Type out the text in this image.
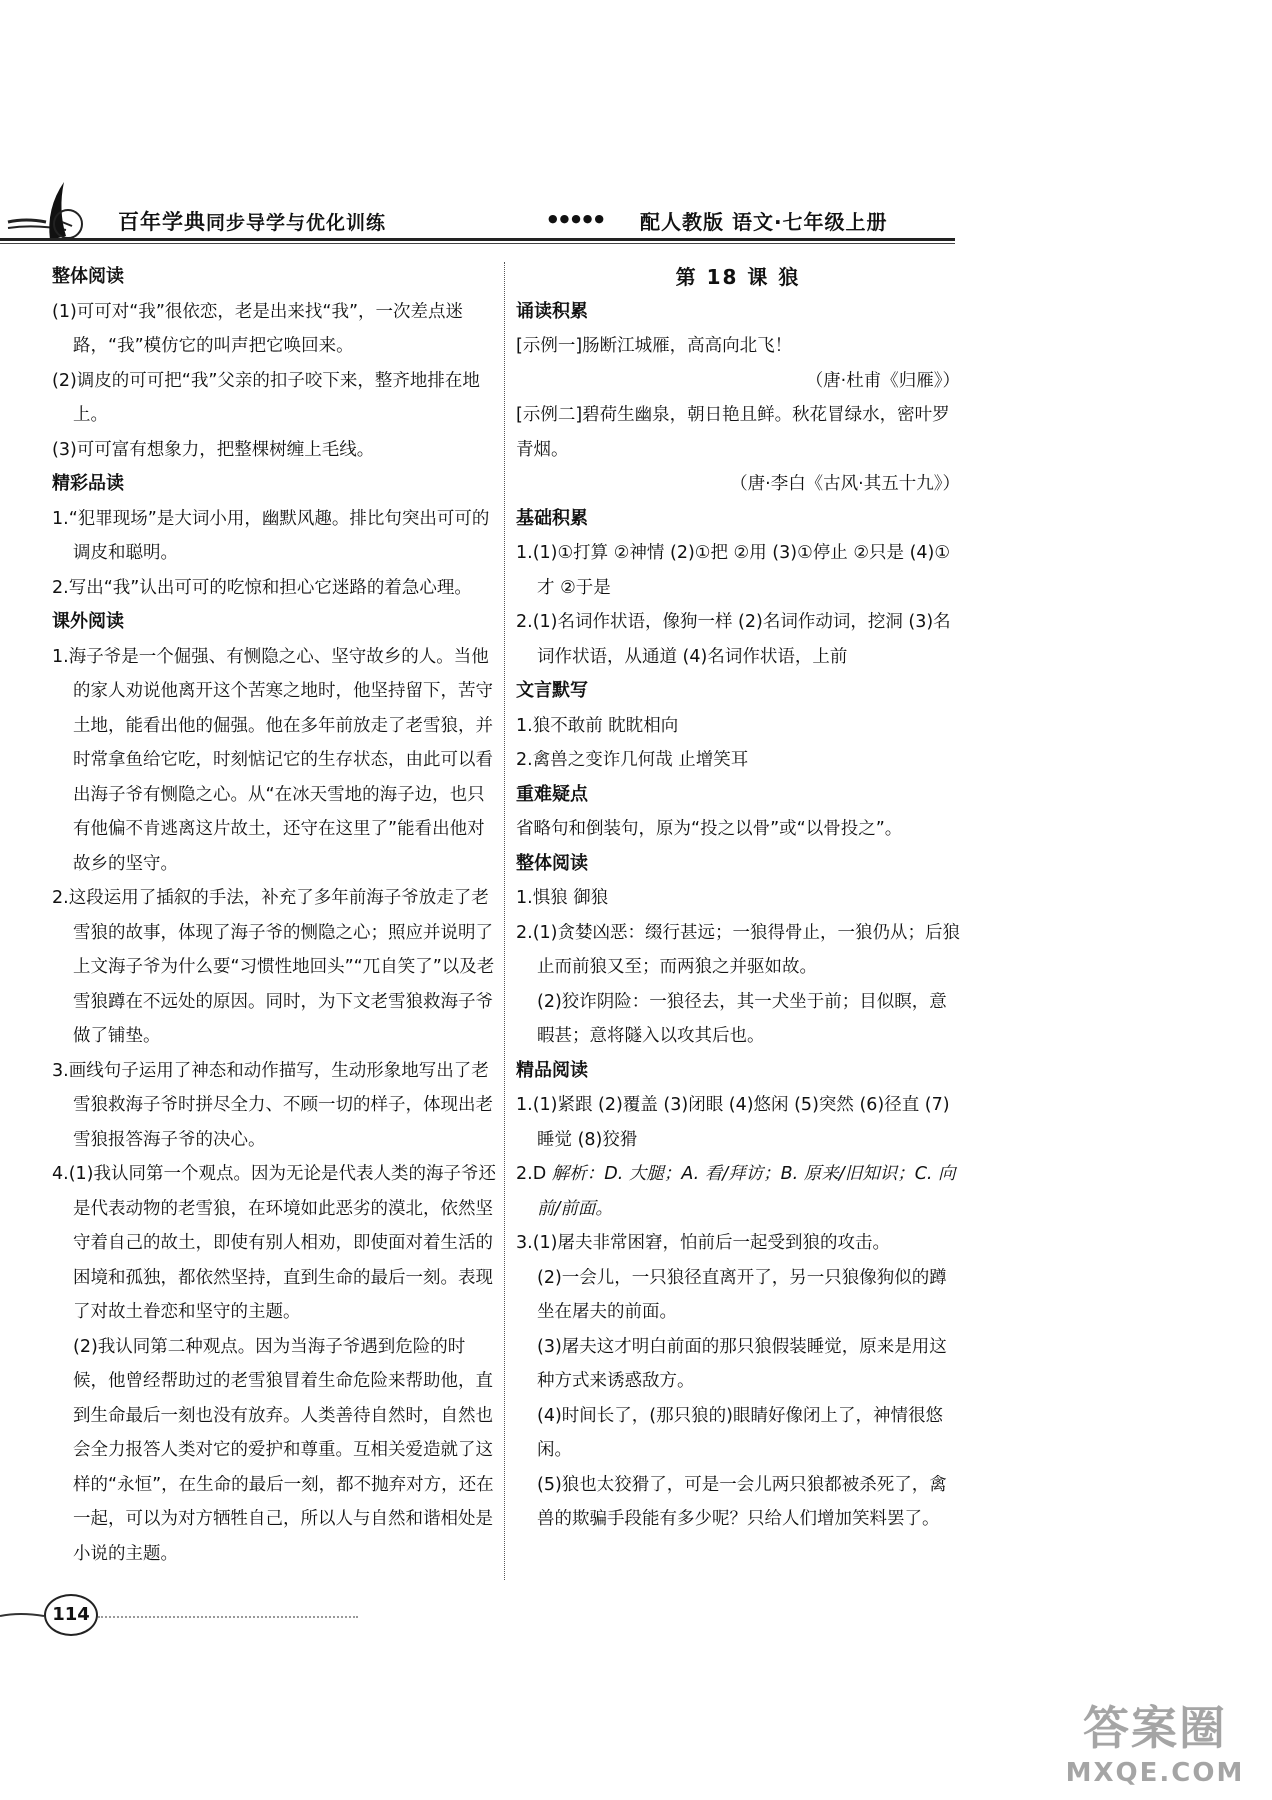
百年学典 同步导学与优化训练	●●●●● 配人教版 语文·七年级上册
整体阅读
(1)可可对“我”很依恋，老是出来找“我”，一次差点迷路，“我”模仿它的叫声把它唤回来。
(2)调皮的可可把“我”父亲的扣子咬下来，整齐地排在地上。
(3)可可富有想象力，把整棵树缠上毛线。
精彩品读
1.“犯罪现场”是大词小用，幽默风趣。排比句突出可可的调皮和聪明。
2.写出“我”认出可可的吃惊和担心它迷路的着急心理。
课外阅读
1.海子爷是一个倔强、有恻隐之心、坚守故乡的人。当他的家人劝说他离开这个苦寒之地时，他坚持留下，苦守土地，能看出他的倔强。他在多年前放走了老雪狼，并时常拿鱼给它吃，时刻惦记它的生存状态，由此可以看出海子爷有恻隐之心。从“在冰天雪地的海子边，也只有他偏不肯逃离这片故土，还守在这里了”能看出他对故乡的坚守。
2.这段运用了插叙的手法，补充了多年前海子爷放走了老雪狼的故事，体现了海子爷的恻隐之心；照应并说明了上文海子爷为什么要“习惯性地回头”“兀自笑了”以及老雪狼蹲在不远处的原因。同时，为下文老雪狼救海子爷做了铺垫。
3.画线句子运用了神态和动作描写，生动形象地写出了老雪狼救海子爷时拼尽全力、不顾一切的样子，体现出老雪狼报答海子爷的决心。
4.(1)我认同第一个观点。因为无论是代表人类的海子爷还是代表动物的老雪狼，在环境如此恶劣的漠北，依然坚守着自己的故土，即使有别人相劝，即使面对着生活的困境和孤独，都依然坚持，直到生命的最后一刻。表现了对故土眷恋和坚守的主题。
(2)我认同第二种观点。因为当海子爷遇到危险的时候，他曾经帮助过的老雪狼冒着生命危险来帮助他，直到生命最后一刻也没有放弃。人类善待自然时，自然也会全力报答人类对它的爱护和尊重。互相关爱造就了这样的“永恒”，在生命的最后一刻，都不抛弃对方，还在一起，可以为对方牺牲自己，所以人与自然和谐相处是小说的主题。
第 18 课 狼
诵读积累
[示例一]肠断江城雁，高高向北飞！
（唐·杜甫《归雁》）
[示例二]碧荷生幽泉，朝日艳且鲜。秋花冒绿水，密叶罗青烟。
（唐·李白《古风·其五十九》）
基础积累
1.(1)①打算 ②神情 (2)①把 ②用 (3)①停止 ②只是 (4)①才 ②于是
2.(1)名词作状语，像狗一样 (2)名词作动词，挖洞 (3)名词作状语，从通道 (4)名词作状语，上前
文言默写
1.狼不敢前 眈眈相向
2.禽兽之变诈几何哉 止增笑耳
重难疑点
省略句和倒装句，原为“投之以骨”或“以骨投之”。
整体阅读
1.惧狼 御狼
2.(1)贪婪凶恶：缀行甚远；一狼得骨止，一狼仍从；后狼止而前狼又至；而两狼之并驱如故。
(2)狡诈阴险：一狼径去，其一犬坐于前；目似瞑，意暇甚；意将隧入以攻其后也。
精品阅读
1.(1)紧跟 (2)覆盖 (3)闭眼 (4)悠闲 (5)突然 (6)径直 (7)睡觉 (8)狡猾
2.D 解析：D. 大腿；A. 看/拜访；B. 原来/旧知识；C. 向前/前面。
3.(1)屠夫非常困窘，怕前后一起受到狼的攻击。
(2)一会儿，一只狼径直离开了，另一只狼像狗似的蹲坐在屠夫的前面。
(3)屠夫这才明白前面的那只狼假装睡觉，原来是用这种方式来诱惑敌方。
(4)时间长了，(那只狼的)眼睛好像闭上了，神情很悠闲。
(5)狼也太狡猾了，可是一会儿两只狼都被杀死了，禽兽的欺骗手段能有多少呢？只给人们增加笑料罢了。
114
答案圈
MXQE.COM
